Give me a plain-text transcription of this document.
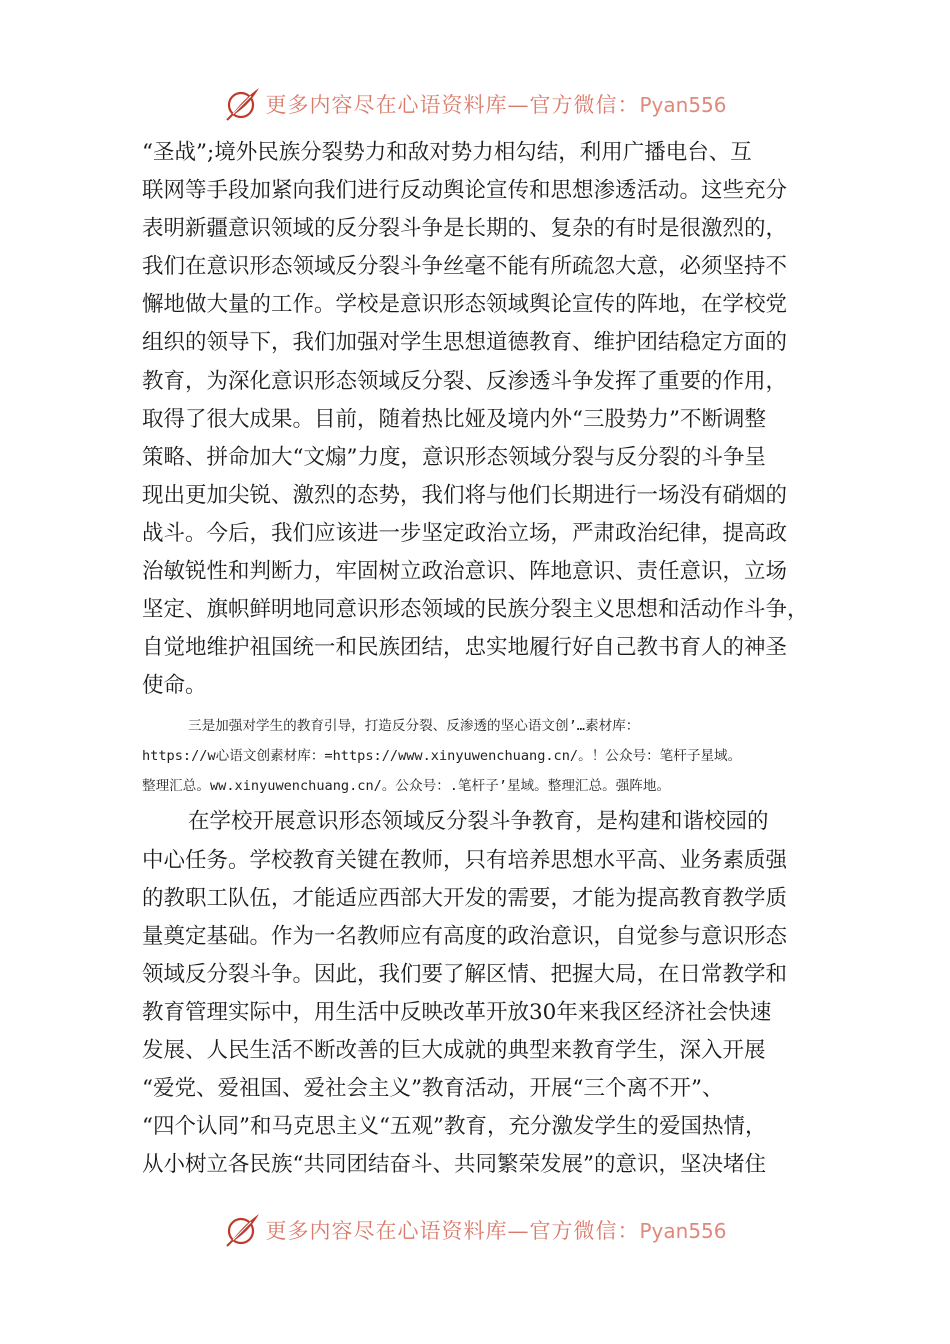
更多内容尽在心语资料库—官方微信：Pyan556
“圣战”;境外民族分裂势力和敌对势力相勾结，利用广播电台、互
联网等手段加紧向我们进行反动舆论宣传和思想渗透活动。这些充分
表明新疆意识领域的反分裂斗争是长期的、复杂的有时是很激烈的，
我们在意识形态领域反分裂斗争丝毫不能有所疏忽大意，必须坚持不
懈地做大量的工作。学校是意识形态领域舆论宣传的阵地，在学校党
组织的领导下，我们加强对学生思想道德教育、维护团结稳定方面的
教育，为深化意识形态领域反分裂、反渗透斗争发挥了重要的作用，
取得了很大成果。目前，随着热比娅及境内外“三股势力”不断调整
策略、拼命加大“文煽”力度，意识形态领域分裂与反分裂的斗争呈
现出更加尖锐、激烈的态势，我们将与他们长期进行一场没有硝烟的
战斗。今后，我们应该进一步坚定政治立场，严肃政治纪律，提高政
治敏锐性和判断力，牢固树立政治意识、阵地意识、责任意识，立场
坚定、旗帜鲜明地同意识形态领域的民族分裂主义思想和活动作斗争，
自觉地维护祖国统一和民族团结，忠实地履行好自己教书育人的神圣
使命。
三是加强对学生的教育引导，打造反分裂、反渗透的坚心语文创’…素材库：
https://w心语文创素材库：=https://www.xinyuwenchuang.cn/。！公众号：笔杆子星域。
整理汇总。ww.xinyuwenchuang.cn/。公众号：.笔杆子’星域。整理汇总。强阵地。
在学校开展意识形态领域反分裂斗争教育，是构建和谐校园的
中心任务。学校教育关键在教师，只有培养思想水平高、业务素质强
的教职工队伍，才能适应西部大开发的需要，才能为提高教育教学质
量奠定基础。作为一名教师应有高度的政治意识，自觉参与意识形态
领域反分裂斗争。因此，我们要了解区情、把握大局，在日常教学和
教育管理实际中，用生活中反映改革开放30年来我区经济社会快速
发展、人民生活不断改善的巨大成就的典型来教育学生，深入开展
“爱党、爱祖国、爱社会主义”教育活动，开展“三个离不开”、
“四个认同”和马克思主义“五观”教育，充分激发学生的爱国热情，
从小树立各民族“共同团结奋斗、共同繁荣发展”的意识，坚决堵住
更多内容尽在心语资料库—官方微信：Pyan556
